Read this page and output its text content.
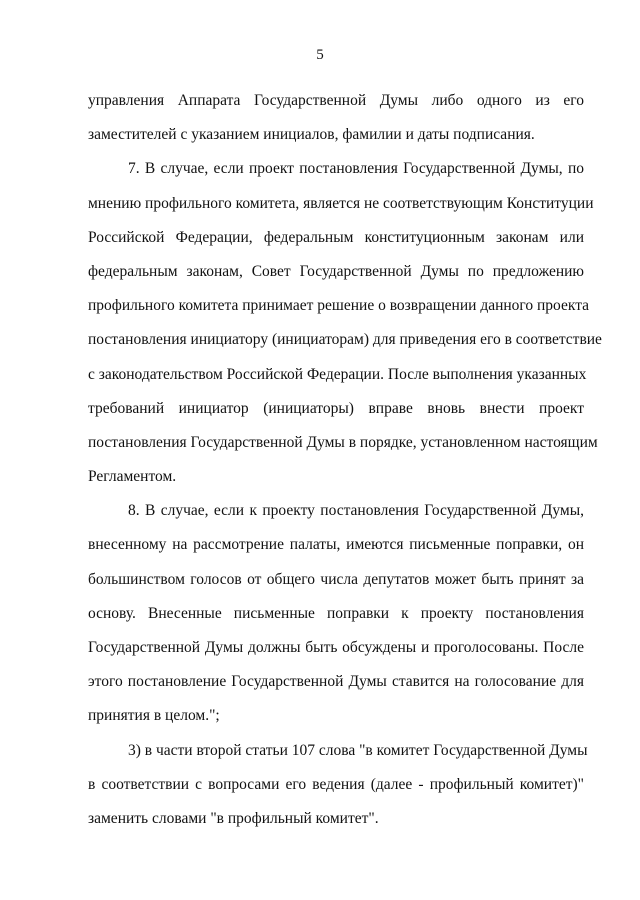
5
управления Аппарата Государственной Думы либо одного из его
заместителей с указанием инициалов, фамилии и даты подписания.
7. В случае, если проект постановления Государственной Думы, по
мнению профильного комитета, является не соответствующим Конституции
Российской Федерации, федеральным конституционным законам или
федеральным законам, Совет Государственной Думы по предложению
профильного комитета принимает решение о возвращении данного проекта
постановления инициатору (инициаторам) для приведения его в соответствие
с законодательством Российской Федерации. После выполнения указанных
требований инициатор (инициаторы) вправе вновь внести проект
постановления Государственной Думы в порядке, установленном настоящим
Регламентом.
8. В случае, если к проекту постановления Государственной Думы,
внесенному на рассмотрение палаты, имеются письменные поправки, он
большинством голосов от общего числа депутатов может быть принят за
основу. Внесенные письменные поправки к проекту постановления
Государственной Думы должны быть обсуждены и проголосованы. После
этого постановление Государственной Думы ставится на голосование для
принятия в целом.";
3) в части второй статьи 107 слова "в комитет Государственной Думы
в соответствии с вопросами его ведения (далее - профильный комитет)"
заменить словами "в профильный комитет".
